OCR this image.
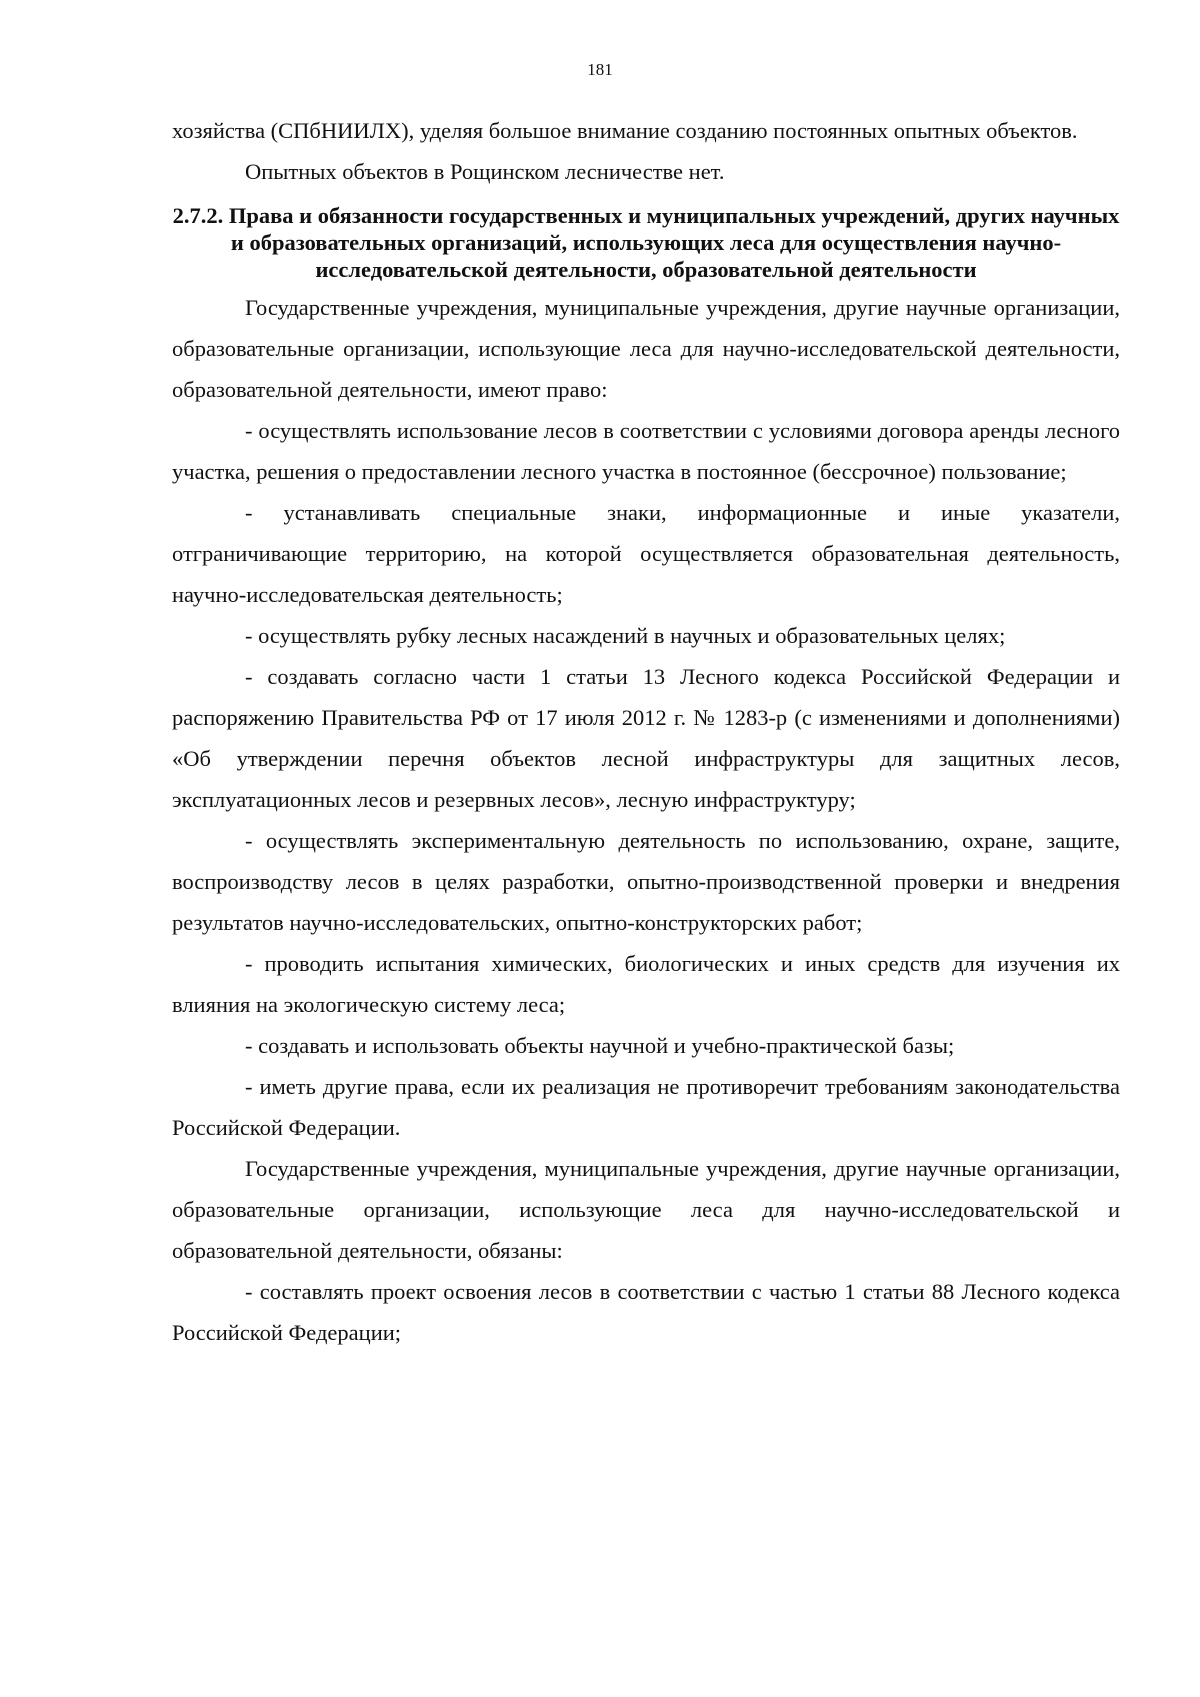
181

хозяйства (СПбНИИЛХ), уделяя большое внимание созданию постоянных опытных объектов.

Опытных объектов в Рощинском лесничестве нет.

2.7.2. Права и обязанности государственных и муниципальных учреждений, других научных и образовательных организаций, использующих леса для осуществления научно-исследовательской деятельности, образовательной деятельности

Государственные учреждения, муниципальные учреждения, другие научные организации, образовательные организации, использующие леса для научно-исследовательской деятельности, образовательной деятельности, имеют право:

- осуществлять использование лесов в соответствии с условиями договора аренды лесного участка, решения о предоставлении лесного участка в постоянное (бессрочное) пользование;

- устанавливать специальные знаки, информационные и иные указатели, отграничивающие территорию, на которой осуществляется образовательная деятельность, научно-исследовательская деятельность;

- осуществлять рубку лесных насаждений в научных и образовательных целях;

- создавать согласно части 1 статьи 13 Лесного кодекса Российской Федерации и распоряжению Правительства РФ от 17 июля 2012 г. № 1283-р (с изменениями и дополнениями) «Об утверждении перечня объектов лесной инфраструктуры для защитных лесов, эксплуатационных лесов и резервных лесов», лесную инфраструктуру;

- осуществлять экспериментальную деятельность по использованию, охране, защите, воспроизводству лесов в целях разработки, опытно-производственной проверки и внедрения результатов научно-исследовательских, опытно-конструкторских работ;

- проводить испытания химических, биологических и иных средств для изучения их влияния на экологическую систему леса;

- создавать и использовать объекты научной и учебно-практической базы;

- иметь другие права, если их реализация не противоречит требованиям законодательства Российской Федерации.

Государственные учреждения, муниципальные учреждения, другие научные организации, образовательные организации, использующие леса для научно-исследовательской и образовательной деятельности, обязаны:

- составлять проект освоения лесов в соответствии с частью 1 статьи 88 Лесного кодекса Российской Федерации;
